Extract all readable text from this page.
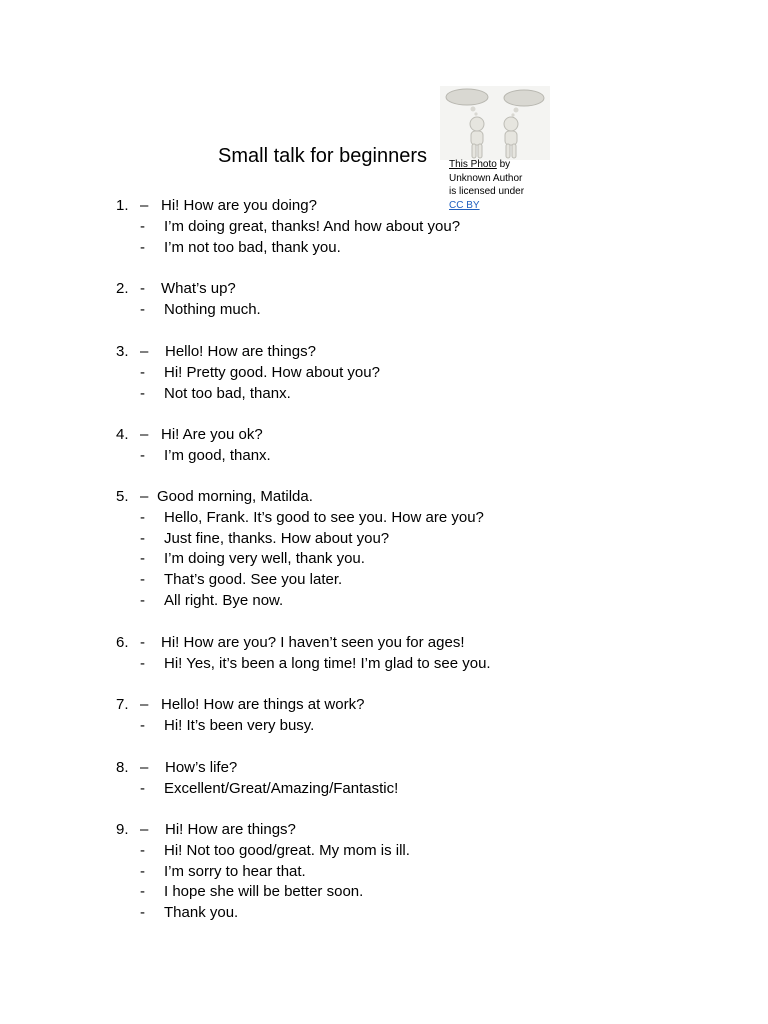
Small talk for beginners This Photo by
Unknown Author
is licensed under
CC BY
1. – Hi! How are you doing?
- I’m doing great, thanks! And how about you?
- I’m not too bad, thank you.
2. - What’s up?
- Nothing much.
3. – Hello! How are things?
- Hi! Pretty good. How about you?
- Not too bad, thanx.
4. – Hi! Are you ok?
- I’m good, thanx.
5. – Good morning, Matilda.
- Hello, Frank. It’s good to see you. How are you?
- Just fine, thanks. How about you?
- I’m doing very well, thank you.
- That’s good. See you later.
- All right. Bye now.
6. - Hi! How are you? I haven’t seen you for ages!
- Hi! Yes, it’s been a long time! I’m glad to see you.
7. – Hello! How are things at work?
- Hi! It’s been very busy.
8. – How’s life?
- Excellent/Great/Amazing/Fantastic!
9. – Hi! How are things?
- Hi! Not too good/great. My mom is ill.
- I’m sorry to hear that.
- I hope she will be better soon.
- Thank you.
